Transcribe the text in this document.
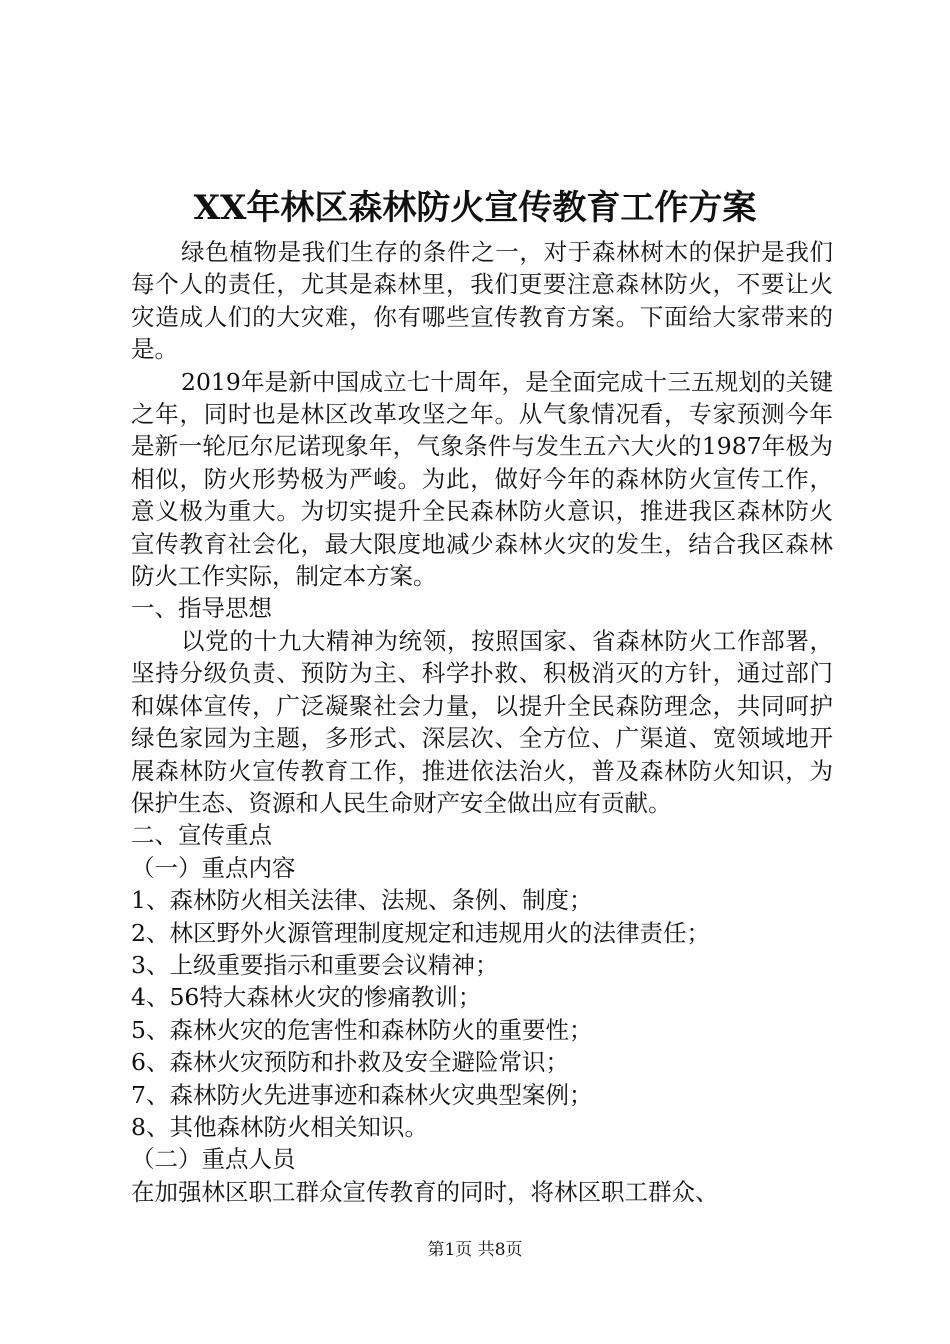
XX年林区森林防火宣传教育工作方案

绿色植物是我们生存的条件之一，对于森林树木的保护是我们每个人的责任，尤其是森林里，我们更要注意森林防火，不要让火灾造成人们的大灾难，你有哪些宣传教育方案。下面给大家带来的是。

2019年是新中国成立七十周年，是全面完成十三五规划的关键之年，同时也是林区改革攻坚之年。从气象情况看，专家预测今年是新一轮厄尔尼诺现象年，气象条件与发生五六大火的1987年极为相似，防火形势极为严峻。为此，做好今年的森林防火宣传工作，意义极为重大。为切实提升全民森林防火意识，推进我区森林防火宣传教育社会化，最大限度地减少森林火灾的发生，结合我区森林防火工作实际，制定本方案。

一、指导思想

以党的十九大精神为统领，按照国家、省森林防火工作部署，坚持分级负责、预防为主、科学扑救、积极消灭的方针，通过部门和媒体宣传，广泛凝聚社会力量，以提升全民森防理念，共同呵护绿色家园为主题，多形式、深层次、全方位、广渠道、宽领域地开展森林防火宣传教育工作，推进依法治火，普及森林防火知识，为保护生态、资源和人民生命财产安全做出应有贡献。

二、宣传重点

（一）重点内容

1、森林防火相关法律、法规、条例、制度；

2、林区野外火源管理制度规定和违规用火的法律责任；

3、上级重要指示和重要会议精神；

4、56特大森林火灾的惨痛教训；

5、森林火灾的危害性和森林防火的重要性；

6、森林火灾预防和扑救及安全避险常识；

7、森林防火先进事迹和森林火灾典型案例；

8、其他森林防火相关知识。

（二）重点人员

在加强林区职工群众宣传教育的同时，将林区职工群众、

第1页 共8页
